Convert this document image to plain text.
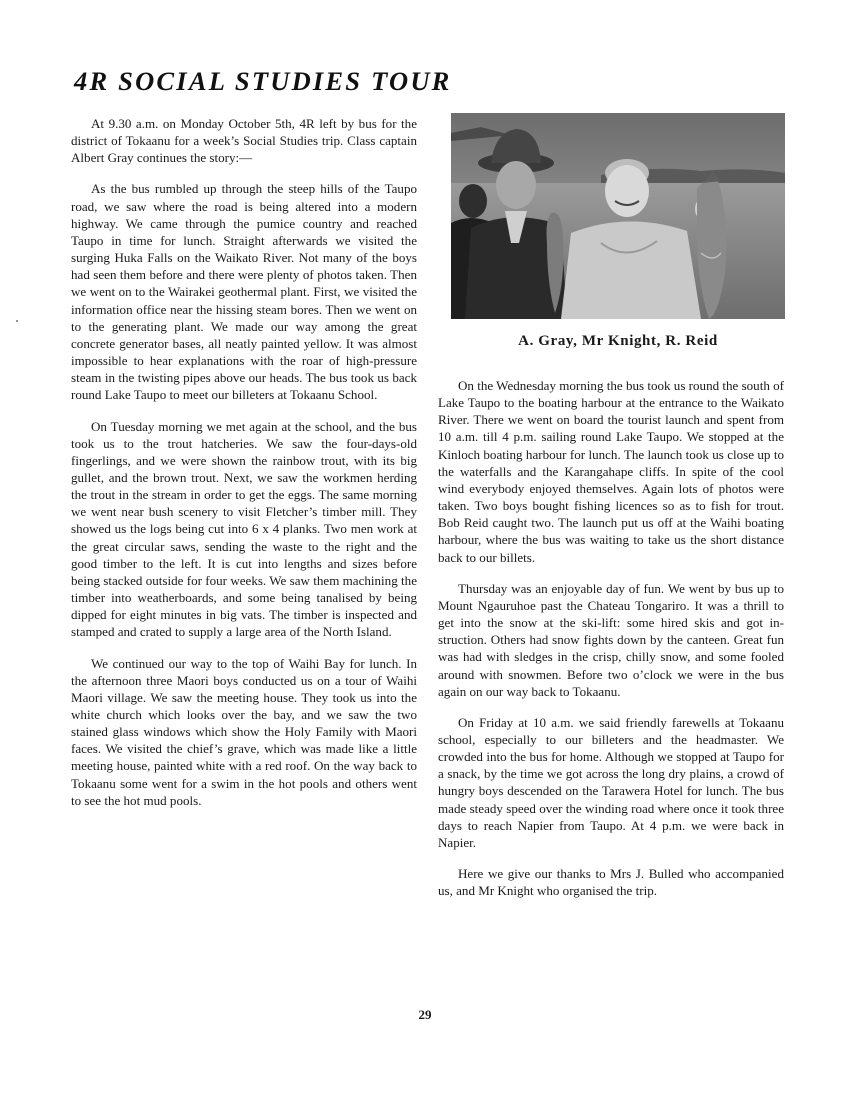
4R SOCIAL STUDIES TOUR

At 9.30 a.m. on Monday October 5th, 4R left by bus for the district of Tokaanu for a week’s Social Studies trip. Class captain Albert Gray continues the story:—

As the bus rumbled up through the steep hills of the Taupo road, we saw where the road is being altered into a modern highway. We came through the pumice country and reached Taupo in time for lunch. Straight afterwards we visited the surging Huka Falls on the Waikato River. Not many of the boys had seen them before and there were plenty of photos taken. Then we went on to the Wairakei geothermal plant. First, we visited the information office near the hissing steam bores. Then we went on to the generating plant. We made our way among the great concrete generator bases, all neatly painted yellow. It was almost impossible to hear explanations with the roar of high-pressure steam in the twisting pipes above our heads. The bus took us back round Lake Taupo to meet our billeters at Tokaanu School.

On Tuesday morning we met again at the school, and the bus took us to the trout hatcheries. We saw the four-days-old fingerlings, and we were shown the rainbow trout, with its big gullet, and the brown trout. Next, we saw the workmen herding the trout in the stream in order to get the eggs. The same morning we went near bush scenery to visit Fletcher’s timber mill. They showed us the logs being cut into 6 x 4 planks. Two men work at the great circular saws, sending the waste to the right and the good timber to the left. It is cut into lengths and sizes before being stacked outside for four weeks. We saw them machining the timber into weatherboards, and some being tanalised by being dipped for eight minutes in big vats. The timber is inspected and stamped and crated to supply a large area of the North Island.

We continued our way to the top of Waihi Bay for lunch. In the afternoon three Maori boys conducted us on a tour of Waihi Maori village. We saw the meeting house. They took us into the white church which looks over the bay, and we saw the two stained glass windows which show the Holy Family with Maori faces. We visited the chief’s grave, which was made like a little meeting house, painted white with a red roof. On the way back to Tokaanu some went for a swim in the hot pools and others went to see the hot mud pools.

A. Gray, Mr Knight, R. Reid

On the Wednesday morning the bus took us round the south of Lake Taupo to the boating harbour at the entrance to the Waikato River. There we went on board the tourist launch and spent from 10 a.m. till 4 p.m. sailing round Lake Taupo. We stopped at the Kinloch boating harbour for lunch. The launch took us close up to the waterfalls and the Karangahape cliffs. In spite of the cool wind everybody enjoyed themselves. Again lots of photos were taken. Two boys bought fishing licences so as to fish for trout. Bob Reid caught two. The launch put us off at the Waihi boating harbour, where the bus was waiting to take us the short distance back to our billets.

Thursday was an enjoyable day of fun. We went by bus up to Mount Ngauruhoe past the Chateau Tongariro. It was a thrill to get into the snow at the ski-lift: some hired skis and got instruction. Others had snow fights down by the canteen. Great fun was had with sledges in the crisp, chilly snow, and some fooled around with snowmen. Before two o’clock we were in the bus again on our way back to Tokaanu.

On Friday at 10 a.m. we said friendly farewells at Tokaanu school, especially to our billeters and the headmaster. We crowded into the bus for home. Although we stopped at Taupo for a snack, by the time we got across the long dry plains, a crowd of hungry boys descended on the Tarawera Hotel for lunch. The bus made steady speed over the winding road where once it took three days to reach Napier from Taupo. At 4 p.m. we were back in Napier.

Here we give our thanks to Mrs J. Bulled who accompanied us, and Mr Knight who organised the trip.

29
